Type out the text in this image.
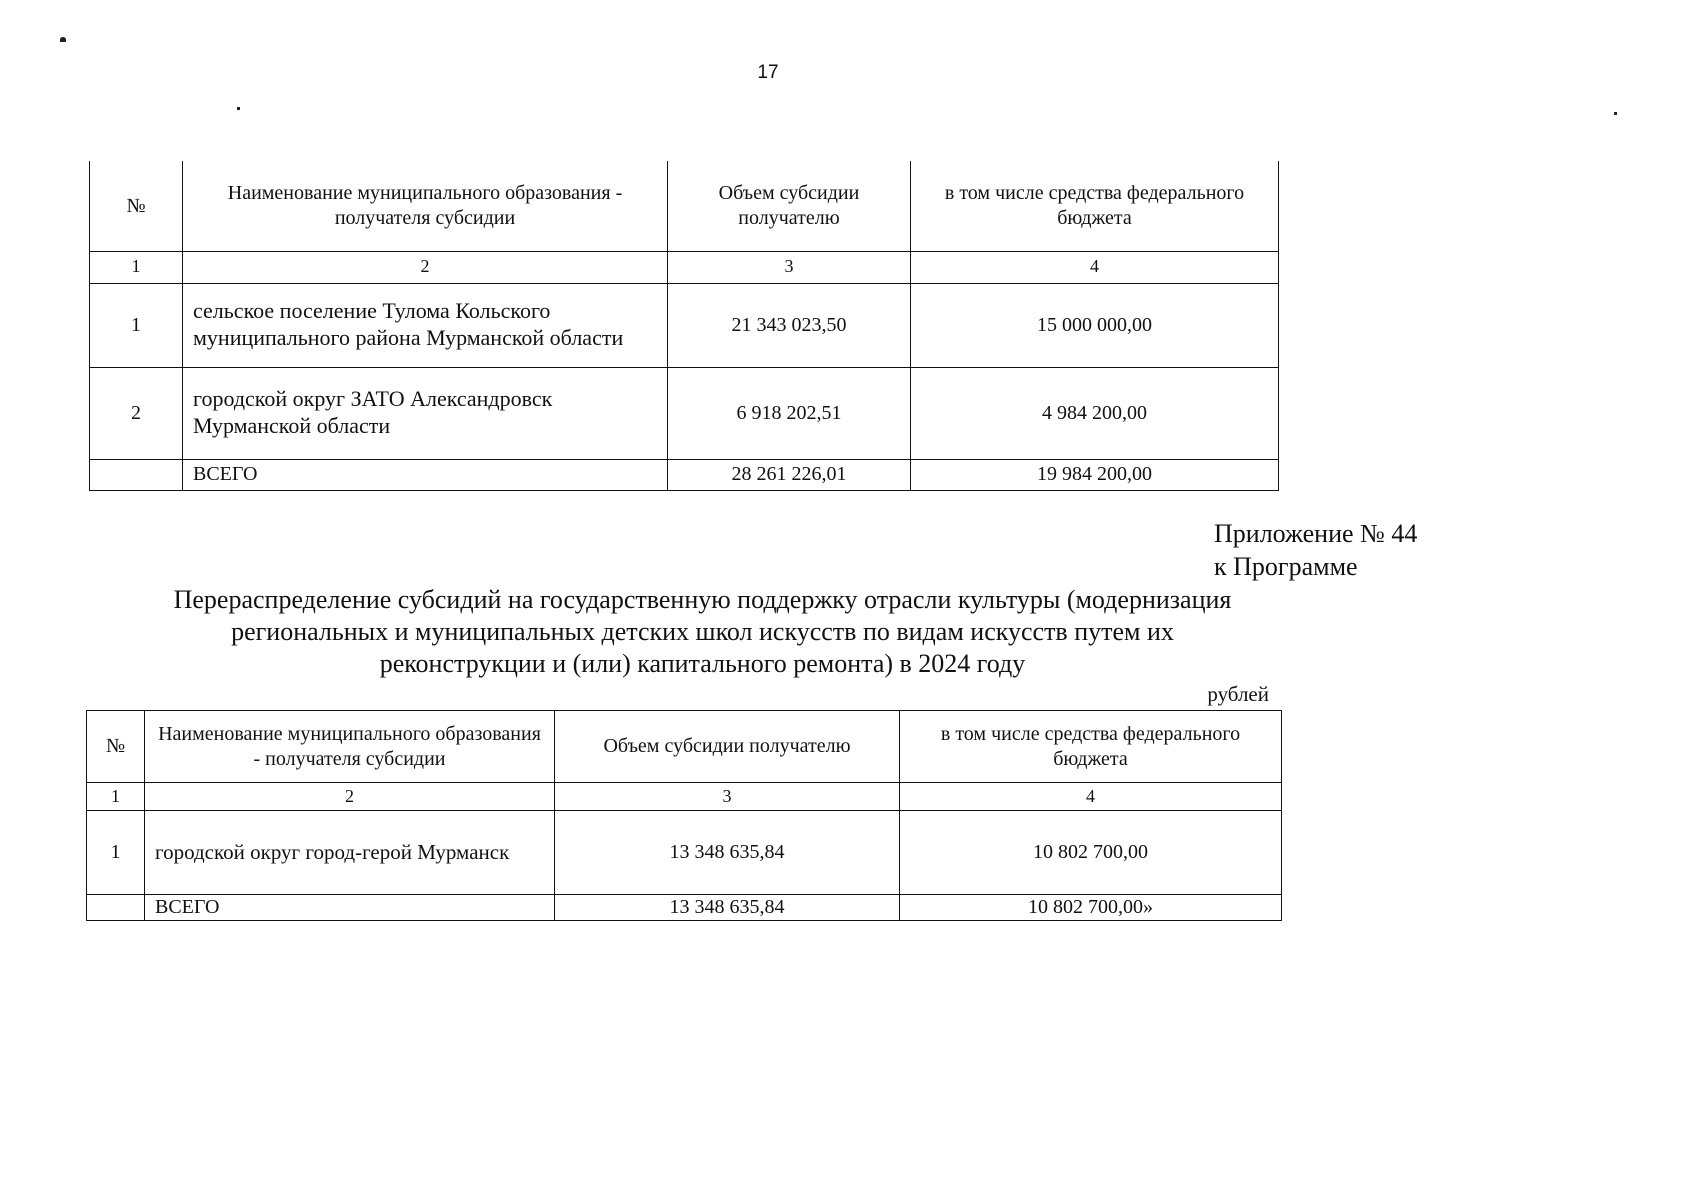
17
№	Наименование муниципального образования - получателя субсидии	Объем субсидии получателю	в том числе средства федерального бюджета
1	2	3	4
1	сельское поселение Тулома Кольского муниципального района Мурманской области	21 343 023,50	15 000 000,00
2	городской округ ЗАТО Александровск Мурманской области	6 918 202,51	4 984 200,00
	ВСЕГО	28 261 226,01	19 984 200,00
Приложение № 44
к Программе
Перераспределение субсидий на государственную поддержку отрасли культуры (модернизация
региональных и муниципальных детских школ искусств по видам искусств путем их
реконструкции и (или) капитального ремонта) в 2024 году
рублей
№	Наименование муниципального образования - получателя субсидии	Объем субсидии получателю	в том числе средства федерального бюджета
1	2	3	4
1	городской округ город-герой Мурманск	13 348 635,84	10 802 700,00
	ВСЕГО	13 348 635,84	10 802 700,00»
